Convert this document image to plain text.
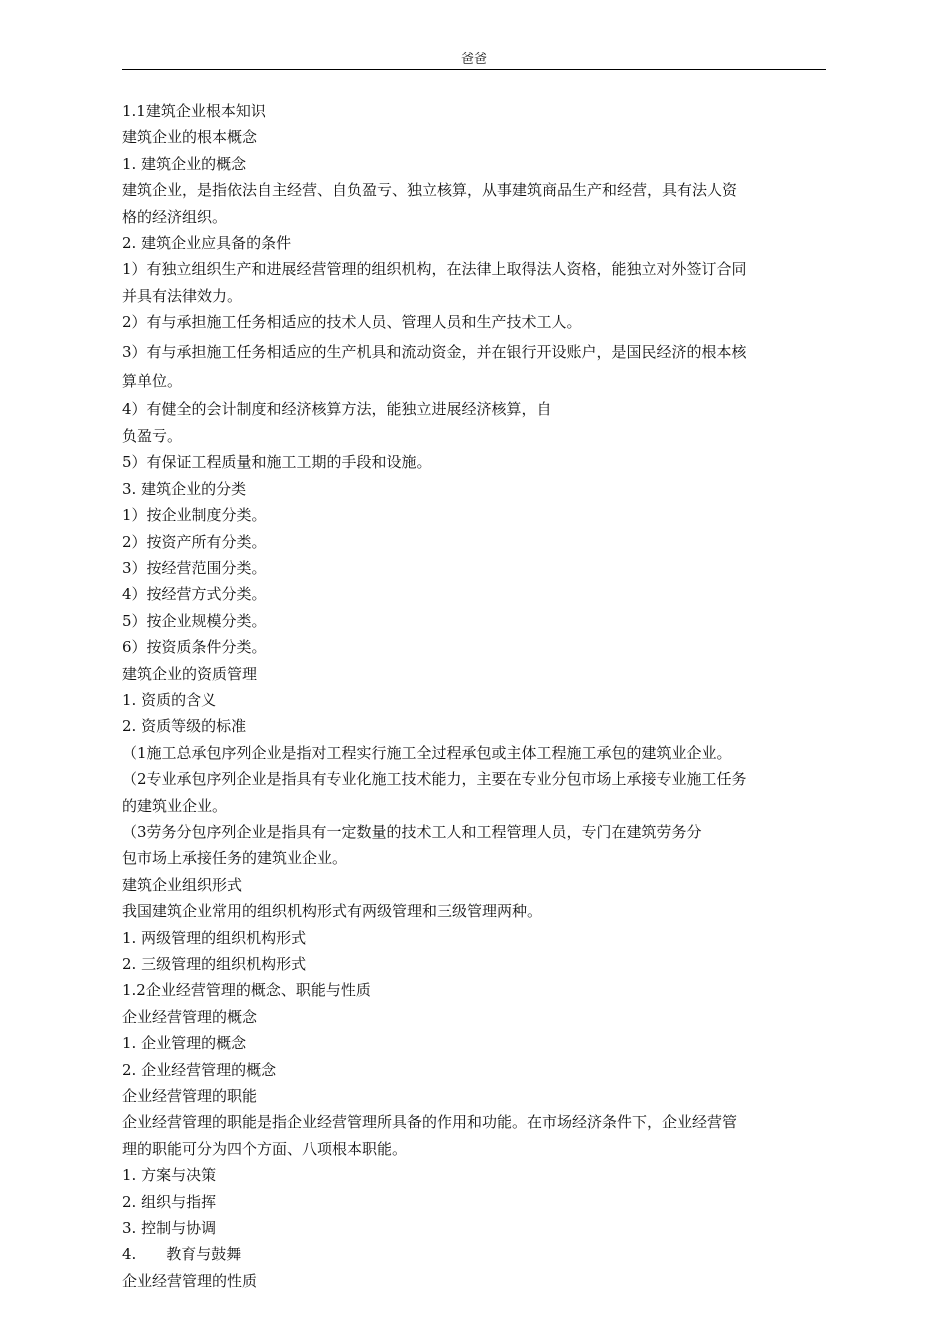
爸爸

1.1建筑企业根本知识

建筑企业的根本概念

1. 建筑企业的概念

建筑企业，是指依法自主经营、自负盈亏、独立核算，从事建筑商品生产和经营，具有法人资

格的经济组织。

2. 建筑企业应具备的条件

1）有独立组织生产和进展经营管理的组织机构，在法律上取得法人资格，能独立对外签订合同

并具有法律效力。

2）有与承担施工任务相适应的技术人员、管理人员和生产技术工人。

3）有与承担施工任务相适应的生产机具和流动资金，并在银行开设账户，是国民经济的根本核

算单位。

4）有健全的会计制度和经济核算方法，能独立进展经济核算，自

负盈亏。

5）有保证工程质量和施工工期的手段和设施。

3. 建筑企业的分类

1）按企业制度分类。

2）按资产所有分类。

3）按经营范围分类。

4）按经营方式分类。

5）按企业规模分类。

6）按资质条件分类。

建筑企业的资质管理

1. 资质的含义

2. 资质等级的标准

（1施工总承包序列企业是指对工程实行施工全过程承包或主体工程施工承包的建筑业企业。

（2专业承包序列企业是指具有专业化施工技术能力，主要在专业分包市场上承接专业施工任务

的建筑业企业。

（3劳务分包序列企业是指具有一定数量的技术工人和工程管理人员，专门在建筑劳务分

包市场上承接任务的建筑业企业。

建筑企业组织形式

我国建筑企业常用的组织机构形式有两级管理和三级管理两种。

1. 两级管理的组织机构形式

2. 三级管理的组织机构形式

1.2企业经营管理的概念、职能与性质

企业经营管理的概念

1. 企业管理的概念

2. 企业经营管理的概念

企业经营管理的职能

企业经营管理的职能是指企业经营管理所具备的作用和功能。在市场经济条件下，企业经营管

理的职能可分为四个方面、八项根本职能。

1. 方案与决策

2. 组织与指挥

3. 控制与协调

4.　　教育与鼓舞

企业经营管理的性质
